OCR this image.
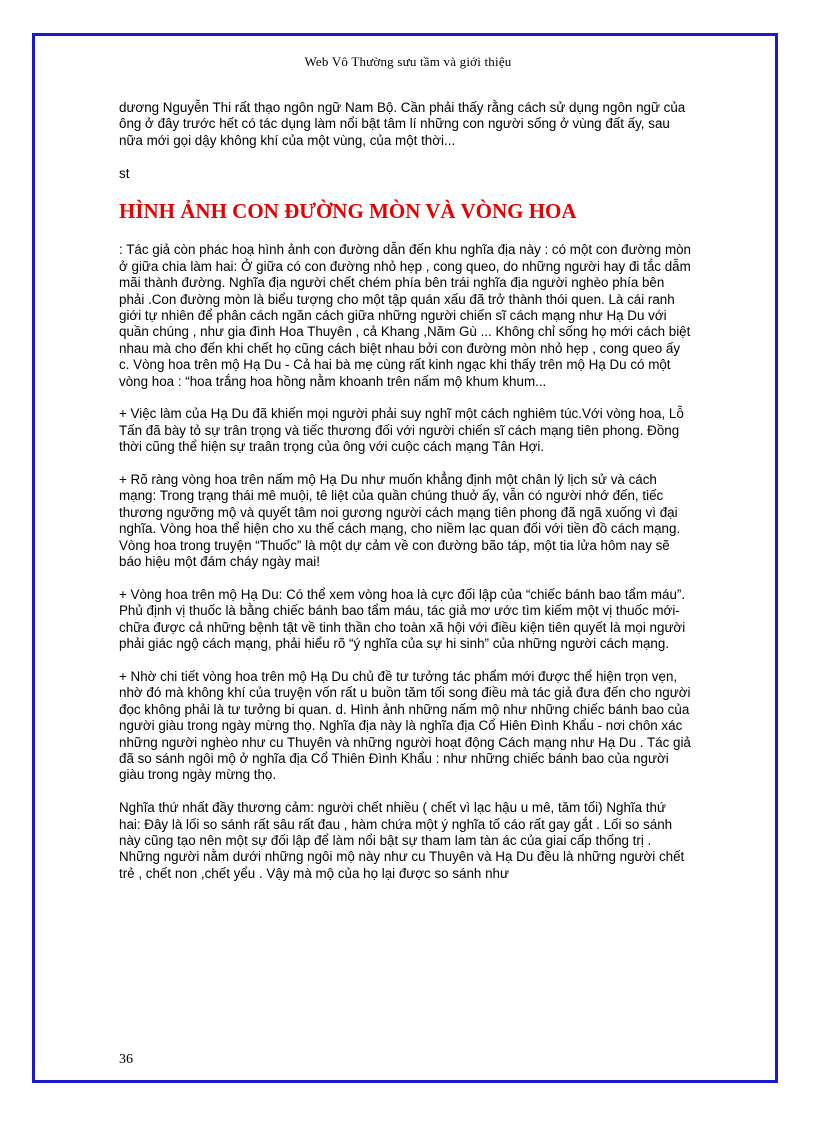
Web Vô Thường sưu tầm và giới thiệu

dương Nguyễn Thi rất thạo ngôn ngữ Nam Bộ. Cần phải thấy rằng cách sử dụng ngôn ngữ của ông ở đây trước hết có tác dụng làm nổi bật tâm lí những con người sống ở vùng đất ấy, sau nữa mới gọi dậy không khí của một vùng, của một thời...

st

HÌNH ẢNH CON ĐƯỜNG MÒN VÀ VÒNG HOA

: Tác giả còn phác hoạ hình ảnh con đường dẫn đến khu nghĩa địa này : có một con đường mòn ở giữa chia làm hai: Ở giữa có con đường nhỏ hẹp , cong queo, do những người hay đi tắc dẫm mãi thành đường. Nghĩa địa người chết chém phía bên trái nghĩa địa người nghèo phía bên phải .Con đường mòn là biểu tượng cho một tập quán xấu đã trở thành thói quen. Là cái ranh giới tự nhiên để phân cách ngăn cách giữa những người chiến sĩ cách mạng như Hạ Du với quần chúng , như gia đình Hoa Thuyên , cả Khang ,Năm Gù ... Không chỉ sống họ mới cách biệt nhau mà cho đến khi chết họ cũng cách biệt nhau bởi con đường mòn nhỏ hẹp , cong queo ấy c. Vòng hoa trên mộ Hạ Du - Cả hai bà mẹ cùng rất kinh ngạc khi thấy trên mộ Hạ Du có một vòng hoa : “hoa trắng hoa hồng nằm khoanh trên nấm mộ khum khum...

+ Việc làm của Hạ Du đã khiến mọi người phải suy nghĩ một cách nghiêm túc.Với vòng hoa, Lỗ Tấn đã bày tỏ sự trân trọng và tiếc thương đối với người chiến sĩ cách mạng tiên phong. Đồng thời cũng thể hiện sự traân trọng của ông với cuộc cách mạng Tân Hợi.

+ Rõ ràng vòng hoa trên nấm mộ Hạ Du như muốn khẳng định một chân lý lịch sử và cách mạng: Trong trạng thái mê muội, tê liệt của quần chúng thuở ấy, vẫn có người nhớ đến, tiếc thương ngưỡng mộ và quyết tâm noi gương người cách mạng tiên phong đã ngã xuống vì đại nghĩa. Vòng hoa thể hiện cho xu thế cách mạng, cho niềm lạc quan đối với tiền đồ cách mạng. Vòng hoa trong truyện “Thuốc” là một dự cảm về con đường bão táp, một tia lửa hôm nay sẽ báo hiệu một đám cháy ngày mai!

+ Vòng hoa trên mộ Hạ Du: Có thể xem vòng hoa là cực đối lập của “chiếc bánh bao tẩm máu”. Phủ định vị thuốc là bằng chiếc bánh bao tẩm máu, tác giả mơ ước tìm kiếm một vị thuốc mới- chữa được cả những bệnh tật về tinh thần cho toàn xã hội với điều kiện tiên quyết là mọi người phải giác ngộ cách mạng, phải hiểu rõ “ý nghĩa của sự hi sinh” của những người cách mạng.

+ Nhờ chi tiết vòng hoa trên mộ Hạ Du chủ đề tư tưởng tác phẩm mới được thể hiện trọn vẹn, nhờ đó mà không khí của truyện vốn rất u buồn tăm tối song điều mà tác giả đưa đến cho người đọc không phải là tư tưởng bi quan. d. Hình ảnh những nấm mộ như những chiếc bánh bao của người giàu trong ngày mừng thọ. Nghĩa địa này là nghĩa địa Cổ Hiên Đình Khẩu - nơi chôn xác những người nghèo như cu Thuyên và những người hoạt động Cách mạng như Hạ Du . Tác giả đã so sánh ngôi mộ ở nghĩa địa Cổ Thiên Đình Khẩu : như những chiếc bánh bao của người giàu trong ngày mừng thọ.

Nghĩa thứ nhất đầy thương cảm: người chết nhiều ( chết vì lạc hậu u mê, tăm tối) Nghĩa thứ hai: Đây là lối so sánh rất sâu rất đau , hàm chứa một ý nghĩa tố cáo rất gay gắt . Lối so sánh này cũng tạo nên một sự đối lập để làm nổi bật sự tham lam tàn ác của giai cấp thống trị . Những người nằm dưới những ngôi mộ này như cu Thuyên và Hạ Du đều là những người chết trẻ , chết non ,chết yểu . Vậy mà mộ của họ lại được so sánh như

36
